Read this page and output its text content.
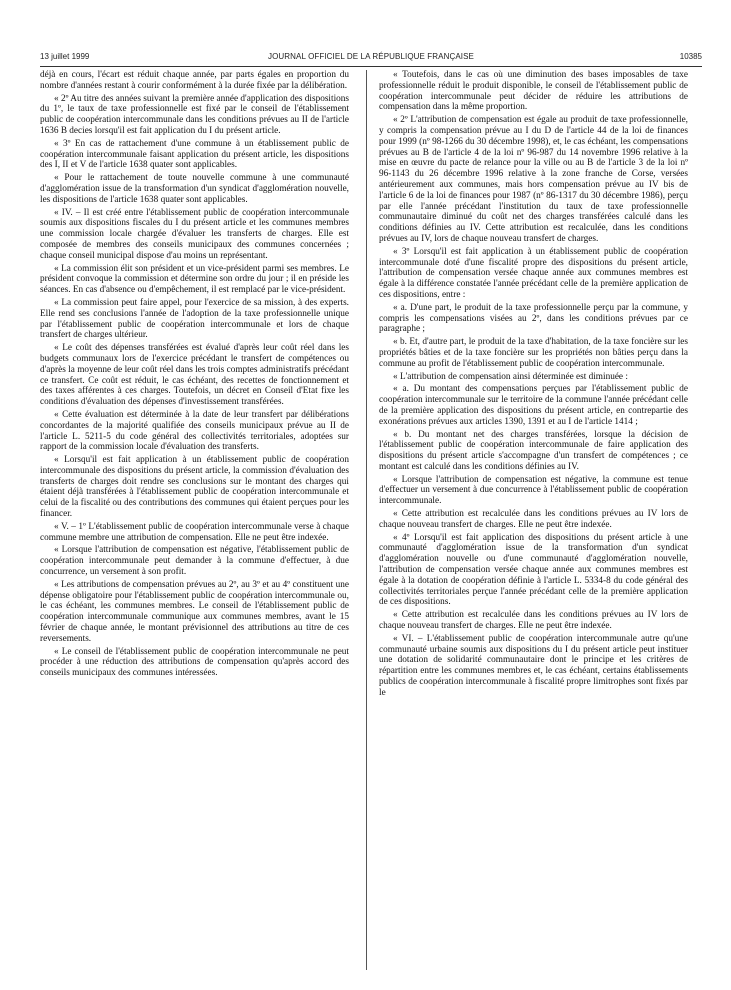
13 juillet 1999	JOURNAL OFFICIEL DE LA RÉPUBLIQUE FRANÇAISE	10385

déjà en cours, l'écart est réduit chaque année, par parts égales en proportion du nombre d'années restant à courir conformément à la durée fixée par la délibération.

« 2º Au titre des années suivant la première année d'application des dispositions du 1º, le taux de taxe professionnelle est fixé par le conseil de l'établissement public de coopération intercommunale dans les conditions prévues au II de l'article 1636 B decies lorsqu'il est fait application du I du présent article.

« 3º En cas de rattachement d'une commune à un établissement public de coopération intercommunale faisant application du présent article, les dispositions des I, II et V de l'article 1638 quater sont applicables.

« Pour le rattachement de toute nouvelle commune à une communauté d'agglomération issue de la transformation d'un syndicat d'agglomération nouvelle, les dispositions de l'article 1638 quater sont applicables.

« IV. – Il est créé entre l'établissement public de coopération intercommunale soumis aux dispositions fiscales du I du présent article et les communes membres une commission locale chargée d'évaluer les transferts de charges. Elle est composée de membres des conseils municipaux des communes concernées ; chaque conseil municipal dispose d'au moins un représentant.

« La commission élit son président et un vice-président parmi ses membres. Le président convoque la commission et détermine son ordre du jour ; il en préside les séances. En cas d'absence ou d'empêchement, il est remplacé par le vice-président.

« La commission peut faire appel, pour l'exercice de sa mission, à des experts. Elle rend ses conclusions l'année de l'adoption de la taxe professionnelle unique par l'établissement public de coopération intercommunale et lors de chaque transfert de charges ultérieur.

« Le coût des dépenses transférées est évalué d'après leur coût réel dans les budgets communaux lors de l'exercice précédant le transfert de compétences ou d'après la moyenne de leur coût réel dans les trois comptes administratifs précédant ce transfert. Ce coût est réduit, le cas échéant, des recettes de fonctionnement et des taxes afférentes à ces charges. Toutefois, un décret en Conseil d'Etat fixe les conditions d'évaluation des dépenses d'investissement transférées.

« Cette évaluation est déterminée à la date de leur transfert par délibérations concordantes de la majorité qualifiée des conseils municipaux prévue au II de l'article L. 5211-5 du code général des collectivités territoriales, adoptées sur rapport de la commission locale d'évaluation des transferts.

« Lorsqu'il est fait application à un établissement public de coopération intercommunale des dispositions du présent article, la commission d'évaluation des transferts de charges doit rendre ses conclusions sur le montant des charges qui étaient déjà transférées à l'établissement public de coopération intercommunale et celui de la fiscalité ou des contributions des communes qui étaient perçues pour les financer.

« V. – 1º L'établissement public de coopération intercommunale verse à chaque commune membre une attribution de compensation. Elle ne peut être indexée.

« Lorsque l'attribution de compensation est négative, l'établissement public de coopération intercommunale peut demander à la commune d'effectuer, à due concurrence, un versement à son profit.

« Les attributions de compensation prévues au 2º, au 3º et au 4º constituent une dépense obligatoire pour l'établissement public de coopération intercommunale ou, le cas échéant, les communes membres. Le conseil de l'établissement public de coopération intercommunale communique aux communes membres, avant le 15 février de chaque année, le montant prévisionnel des attributions au titre de ces reversements.

« Le conseil de l'établissement public de coopération intercommunale ne peut procéder à une réduction des attributions de compensation qu'après accord des conseils municipaux des communes intéressées.

« Toutefois, dans le cas où une diminution des bases imposables de taxe professionnelle réduit le produit disponible, le conseil de l'établissement public de coopération intercommunale peut décider de réduire les attributions de compensation dans la même proportion.

« 2º L'attribution de compensation est égale au produit de taxe professionnelle, y compris la compensation prévue au I du D de l'article 44 de la loi de finances pour 1999 (nº 98-1266 du 30 décembre 1998), et, le cas échéant, les compensations prévues au B de l'article 4 de la loi nº 96-987 du 14 novembre 1996 relative à la mise en œuvre du pacte de relance pour la ville ou au B de l'article 3 de la loi nº 96-1143 du 26 décembre 1996 relative à la zone franche de Corse, versées antérieurement aux communes, mais hors compensation prévue au IV bis de l'article 6 de la loi de finances pour 1987 (nº 86-1317 du 30 décembre 1986), perçu par elle l'année précédant l'institution du taux de taxe professionnelle communautaire diminué du coût net des charges transférées calculé dans les conditions définies au IV. Cette attribution est recalculée, dans les conditions prévues au IV, lors de chaque nouveau transfert de charges.

« 3º Lorsqu'il est fait application à un établissement public de coopération intercommunale doté d'une fiscalité propre des dispositions du présent article, l'attribution de compensation versée chaque année aux communes membres est égale à la différence constatée l'année précédant celle de la première application de ces dispositions, entre :

« a. D'une part, le produit de la taxe professionnelle perçu par la commune, y compris les compensations visées au 2º, dans les conditions prévues par ce paragraphe ;

« b. Et, d'autre part, le produit de la taxe d'habitation, de la taxe foncière sur les propriétés bâties et de la taxe foncière sur les propriétés non bâties perçu dans la commune au profit de l'établissement public de coopération intercommunale.

« L'attribution de compensation ainsi déterminée est diminuée :

« a. Du montant des compensations perçues par l'établissement public de coopération intercommunale sur le territoire de la commune l'année précédant celle de la première application des dispositions du présent article, en contrepartie des exonérations prévues aux articles 1390, 1391 et au I de l'article 1414 ;

« b. Du montant net des charges transférées, lorsque la décision de l'établissement public de coopération intercommunale de faire application des dispositions du présent article s'accompagne d'un transfert de compétences ; ce montant est calculé dans les conditions définies au IV.

« Lorsque l'attribution de compensation est négative, la commune est tenue d'effectuer un versement à due concurrence à l'établissement public de coopération intercommunale.

« Cette attribution est recalculée dans les conditions prévues au IV lors de chaque nouveau transfert de charges. Elle ne peut être indexée.

« 4º Lorsqu'il est fait application des dispositions du présent article à une communauté d'agglomération issue de la transformation d'un syndicat d'agglomération nouvelle ou d'une communauté d'agglomération nouvelle, l'attribution de compensation versée chaque année aux communes membres est égale à la dotation de coopération définie à l'article L. 5334-8 du code général des collectivités territoriales perçue l'année précédant celle de la première application de ces dispositions.

« Cette attribution est recalculée dans les conditions prévues au IV lors de chaque nouveau transfert de charges. Elle ne peut être indexée.

« VI. – L'établissement public de coopération intercommunale autre qu'une communauté urbaine soumis aux dispositions du I du présent article peut instituer une dotation de solidarité communautaire dont le principe et les critères de répartition entre les communes membres et, le cas échéant, certains établissements publics de coopération intercommunale à fiscalité propre limitrophes sont fixés par le
